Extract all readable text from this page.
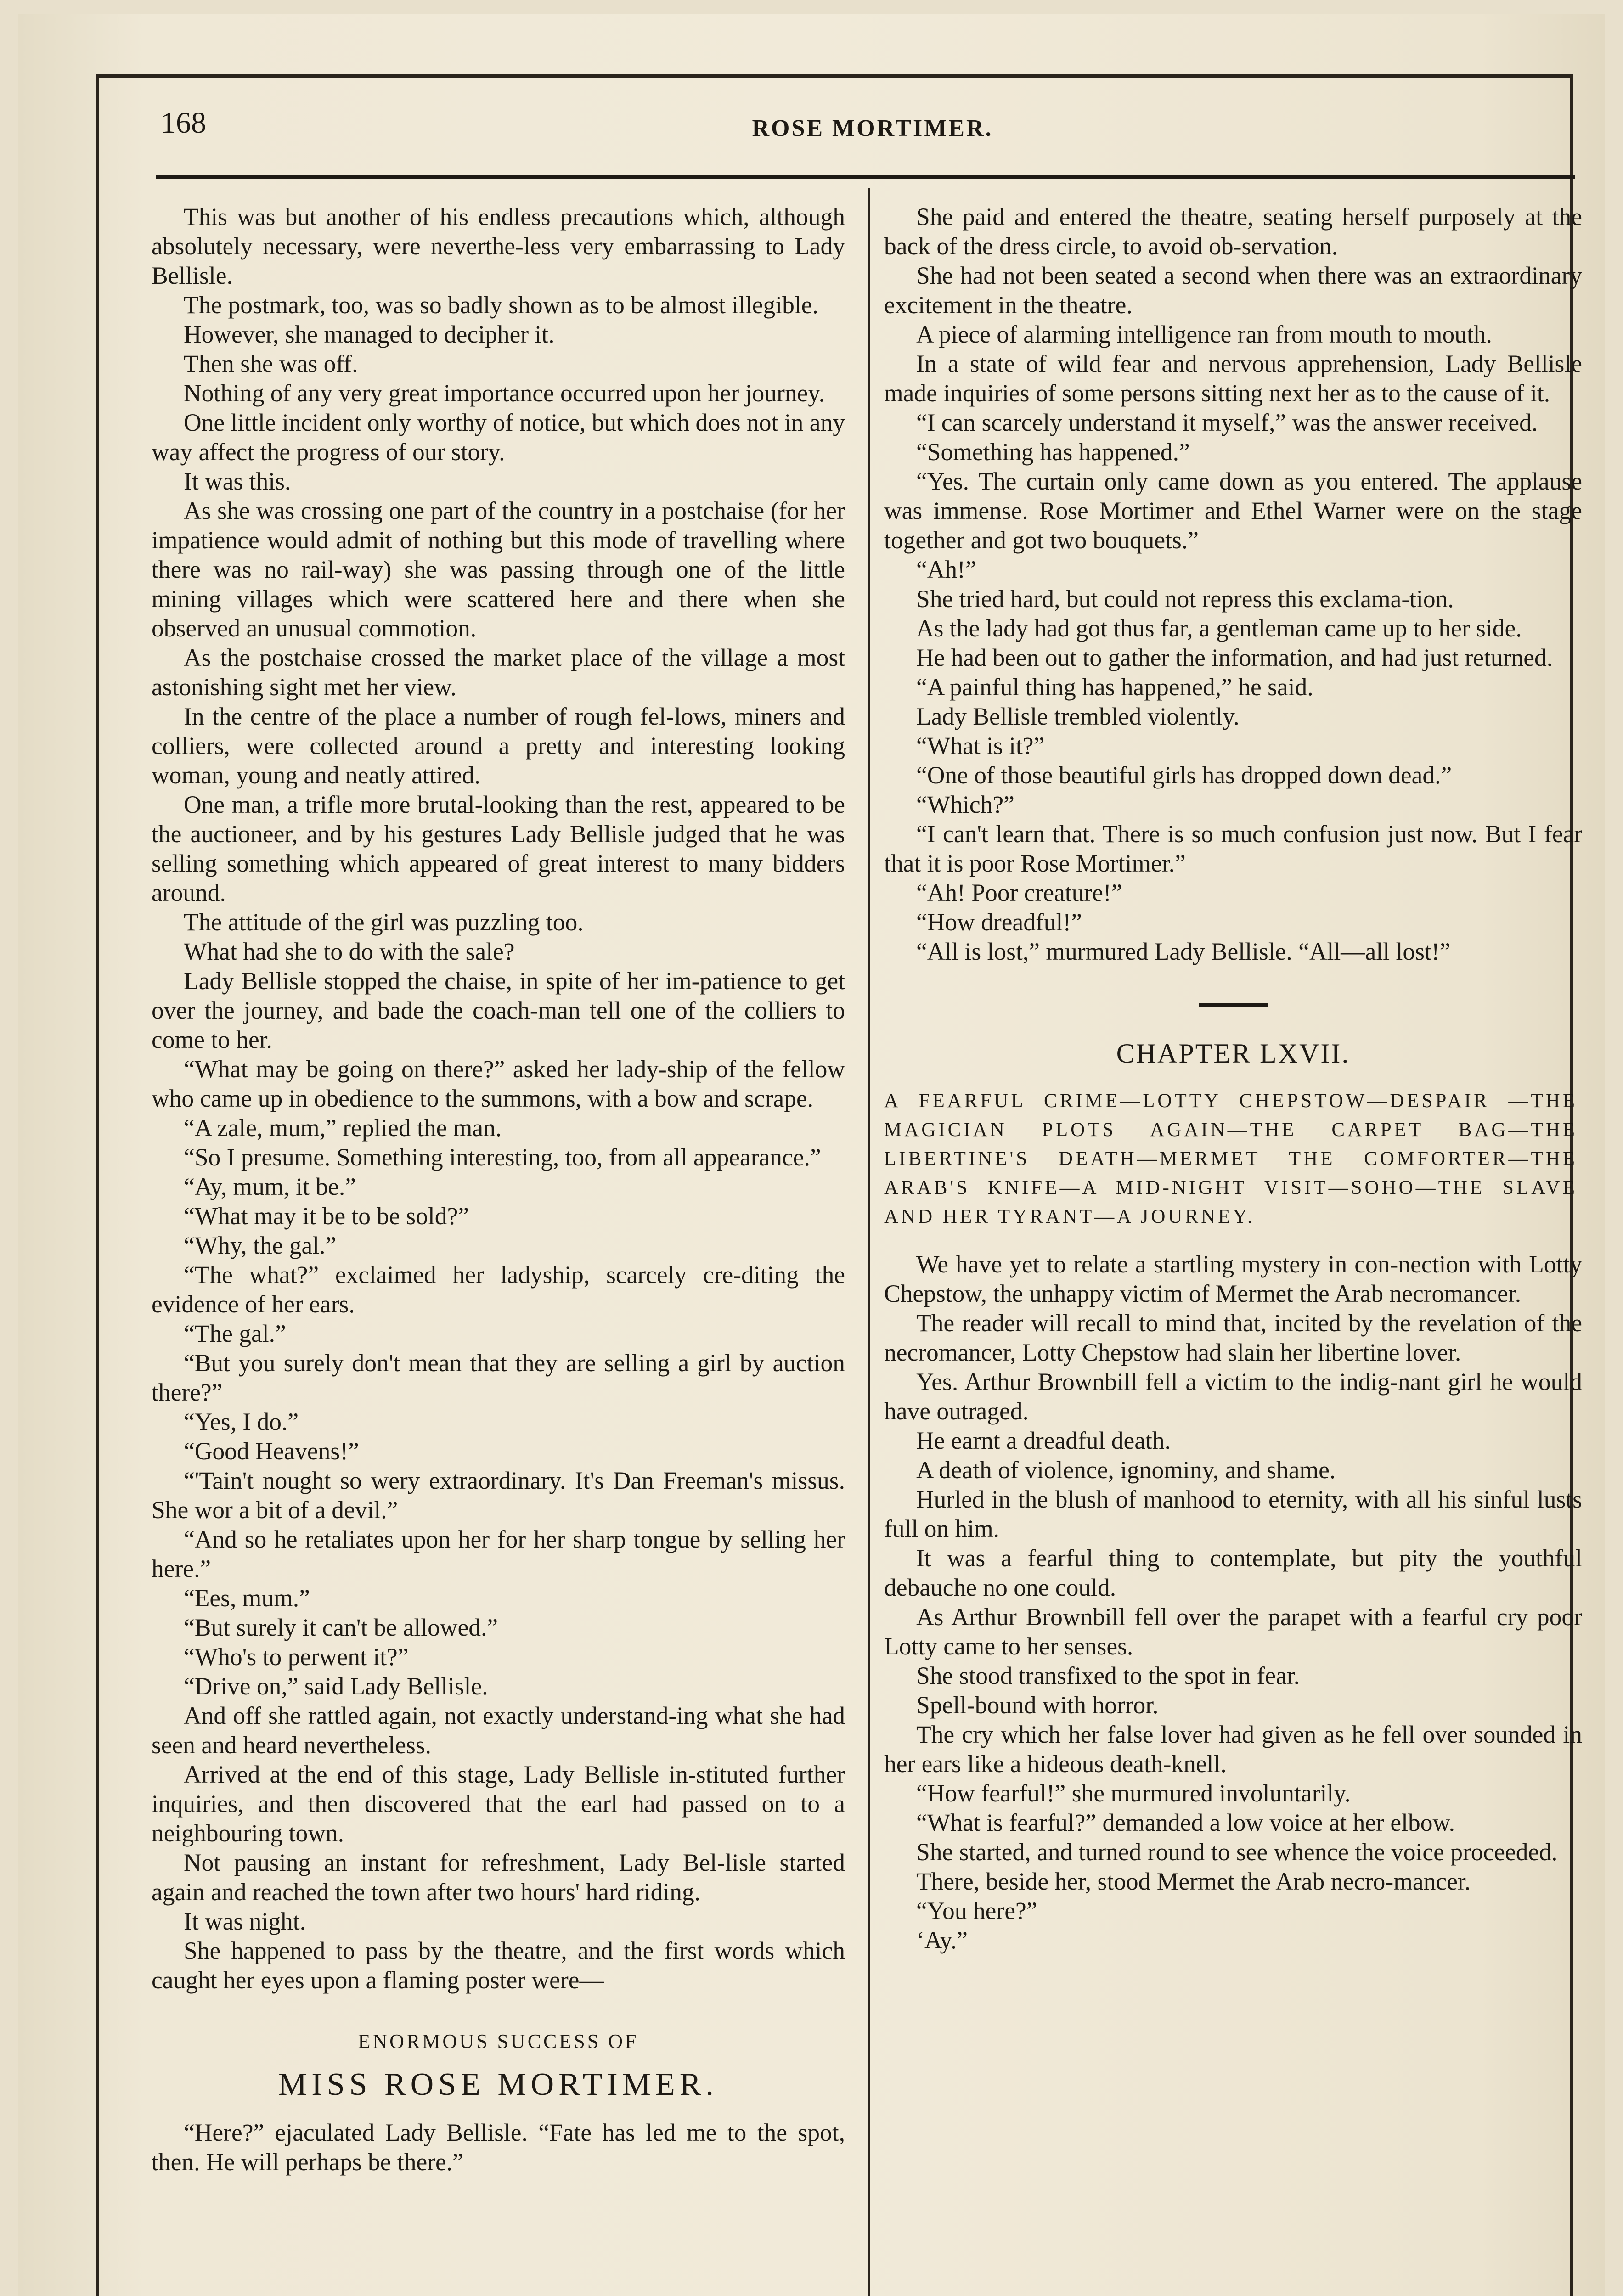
168	ROSE MORTIMER.

This was but another of his endless precautions which, although absolutely necessary, were neverthe-less very embarrassing to Lady Bellisle.

The postmark, too, was so badly shown as to be almost illegible.

However, she managed to decipher it.

Then she was off.

Nothing of any very great importance occurred upon her journey.

One little incident only worthy of notice, but which does not in any way affect the progress of our story.

It was this.

As she was crossing one part of the country in a postchaise (for her impatience would admit of nothing but this mode of travelling where there was no rail-way) she was passing through one of the little mining villages which were scattered here and there when she observed an unusual commotion.

As the postchaise crossed the market place of the village a most astonishing sight met her view.

In the centre of the place a number of rough fel-lows, miners and colliers, were collected around a pretty and interesting looking woman, young and neatly attired.

One man, a trifle more brutal-looking than the rest, appeared to be the auctioneer, and by his gestures Lady Bellisle judged that he was selling something which appeared of great interest to many bidders around.

The attitude of the girl was puzzling too.

What had she to do with the sale?

Lady Bellisle stopped the chaise, in spite of her im-patience to get over the journey, and bade the coach-man tell one of the colliers to come to her.

“What may be going on there?” asked her lady-ship of the fellow who came up in obedience to the summons, with a bow and scrape.

“A zale, mum,” replied the man.

“So I presume. Something interesting, too, from all appearance.”

“Ay, mum, it be.”

“What may it be to be sold?”

“Why, the gal.”

“The what?” exclaimed her ladyship, scarcely cre-diting the evidence of her ears.

“The gal.”

“But you surely don't mean that they are selling a girl by auction there?”

“Yes, I do.”

“Good Heavens!”

“'Tain't nought so wery extraordinary. It's Dan Freeman's missus. She wor a bit of a devil.”

“And so he retaliates upon her for her sharp tongue by selling her here.”

“Ees, mum.”

“But surely it can't be allowed.”

“Who's to perwent it?”

“Drive on,” said Lady Bellisle.

And off she rattled again, not exactly understand-ing what she had seen and heard nevertheless.

Arrived at the end of this stage, Lady Bellisle in-stituted further inquiries, and then discovered that the earl had passed on to a neighbouring town.

Not pausing an instant for refreshment, Lady Bel-lisle started again and reached the town after two hours' hard riding.

It was night.

She happened to pass by the theatre, and the first words which caught her eyes upon a flaming poster were—

ENORMOUS SUCCESS OF
MISS ROSE MORTIMER.

“Here?” ejaculated Lady Bellisle. “Fate has led me to the spot, then. He will perhaps be there.”

She paid and entered the theatre, seating herself purposely at the back of the dress circle, to avoid ob-servation.

She had not been seated a second when there was an extraordinary excitement in the theatre.

A piece of alarming intelligence ran from mouth to mouth.

In a state of wild fear and nervous apprehension, Lady Bellisle made inquiries of some persons sitting next her as to the cause of it.

“I can scarcely understand it myself,” was the answer received.

“Something has happened.”

“Yes. The curtain only came down as you entered. The applause was immense. Rose Mortimer and Ethel Warner were on the stage together and got two bouquets.”

“Ah!”

She tried hard, but could not repress this exclama-tion.

As the lady had got thus far, a gentleman came up to her side.

He had been out to gather the information, and had just returned.

“A painful thing has happened,” he said.

Lady Bellisle trembled violently.

“What is it?”

“One of those beautiful girls has dropped down dead.”

“Which?”

“I can't learn that. There is so much confusion just now. But I fear that it is poor Rose Mortimer.”

“Ah! Poor creature!”

“How dreadful!”

“All is lost,” murmured Lady Bellisle. “All—all lost!”

CHAPTER LXVII.
A FEARFUL CRIME—LOTTY CHEPSTOW—DESPAIR —THE MAGICIAN PLOTS AGAIN—THE CARPET BAG—THE LIBERTINE'S DEATH—MERMET THE COMFORTER—THE ARAB'S KNIFE—A MID-NIGHT VISIT—SOHO—THE SLAVE AND HER TYRANT—A JOURNEY.

We have yet to relate a startling mystery in con-nection with Lotty Chepstow, the unhappy victim of Mermet the Arab necromancer.

The reader will recall to mind that, incited by the revelation of the necromancer, Lotty Chepstow had slain her libertine lover.

Yes. Arthur Brownbill fell a victim to the indig-nant girl he would have outraged.

He earnt a dreadful death.

A death of violence, ignominy, and shame.

Hurled in the blush of manhood to eternity, with all his sinful lusts full on him.

It was a fearful thing to contemplate, but pity the youthful debauche no one could.

As Arthur Brownbill fell over the parapet with a fearful cry poor Lotty came to her senses.

She stood transfixed to the spot in fear.

Spell-bound with horror.

The cry which her false lover had given as he fell over sounded in her ears like a hideous death-knell.

“How fearful!” she murmured involuntarily.

“What is fearful?” demanded a low voice at her elbow.

She started, and turned round to see whence the voice proceeded.

There, beside her, stood Mermet the Arab necro-mancer.

“You here?”

‘Ay.”
